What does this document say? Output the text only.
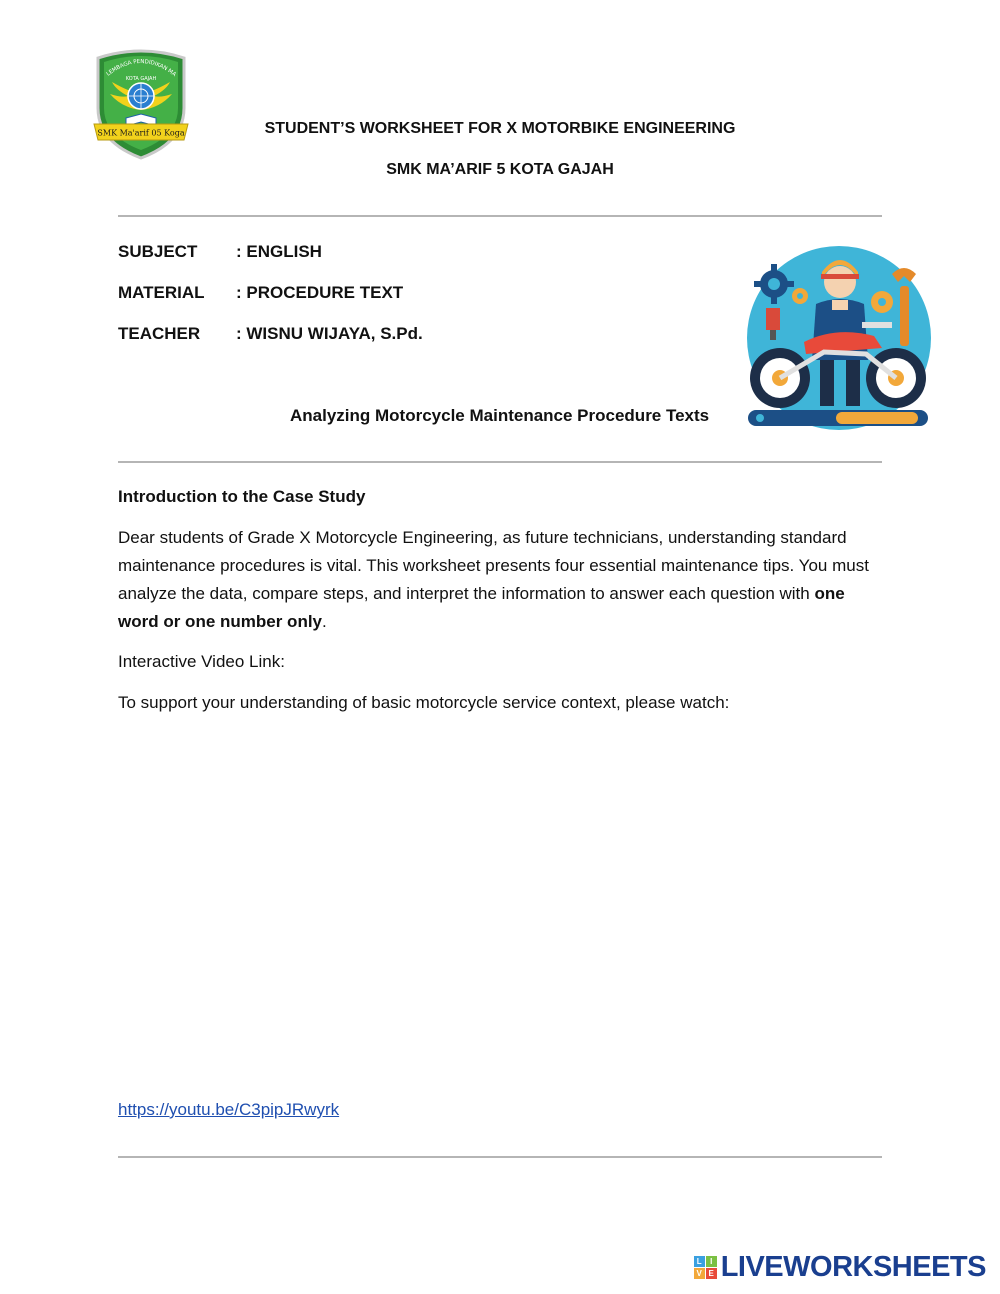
LEMBAGA PENDIDIKAN MA
KOTA GAJAH
SMK Ma'arif 05 Koga	STUDENT’S WORKSHEET FOR X MOTORBIKE ENGINEERING
SMK MA’ARIF 5 KOTA GAJAH
SUBJECT : ENGLISH
MATERIAL : PROCEDURE TEXT
TEACHER : WISNU WIJAYA, S.Pd.
Analyzing Motorcycle Maintenance Procedure Texts
Introduction to the Case Study
Dear students of Grade X Motorcycle Engineering, as future technicians, understanding standard maintenance procedures is vital. This worksheet presents four essential maintenance tips. You must analyze the data, compare steps, and interpret the information to answer each question with one word or one number only.
Interactive Video Link:
To support your understanding of basic motorcycle service context, please watch:
https://youtu.be/C3pipJRwyrk
L	I
V E LIVEWORKSHEETS
